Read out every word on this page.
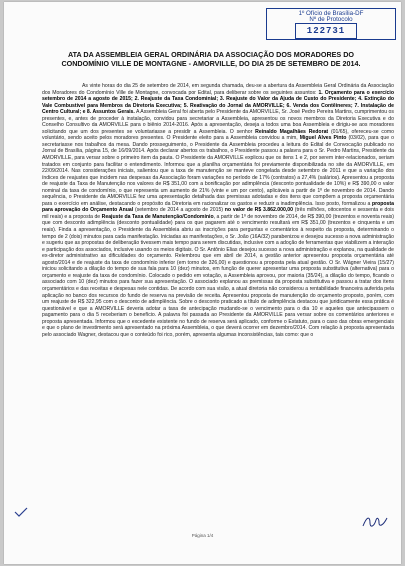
1º Ofício de Brasília-DF
Nº de Protocolo
122731
ATA DA ASSEMBLEIA GERAL ORDINÁRIA DA ASSOCIAÇÃO DOS MORADORES DO CONDOMÍNIO VILLE DE MONTAGNE - AMORVILLE, DO DIA 25 DE SETEMBRO DE 2014.

As vinte horas do dia 25 de setembro de 2014, em segunda chamada, deu-se a abertura da Assembleia Geral Ordinária da Associação dos Moradores do Condomínio Ville de Montagne, convocada por Edital, para deliberar sobre os seguintes assuntos: 1. Orçamento para o exercício setembro de 2014 a agosto de 2015; 2. Reajuste da Taxa Condominial; 3. Reajuste do Valor da Ajuda de Custo do Presidente; 4. Extinção do Vale Combustível para Membros da Diretoria Executiva; 5. Reativação do Jornal da AMORVILLE; 6. Venda dos Contêineres; 7. Instalação de Centro Cultural; e 8. Assuntos Gerais. A Assembleia Geral foi aberta pelo Presidente da AMORVILLE, Sr. José Pedro Pereira Martins, cumprimentou os presentes, e, antes de proceder à instalação, convidou para secretariar a Assembleia, apresentou os novos membros da Diretoria Executiva e do Conselho Consultivo da AMORVILLE para o biênio 2014-2016. Após a apresentação, deseja a todos uma boa Assembleia e dirigiu-se aos moradores solicitando que um dos presentes se voluntariasse a presidir a Assembleia. O senhor Reinaldo Magalhães Redorat (01/65), ofereceu-se como voluntário, sendo aceito pelos moradores presentes. O Presidente eleito para a Assembleia convidou a mim, Miguel Alves Pinto (03/02), para que o secretariasse nos trabalhos da mesa. Dando prosseguimento, o Presidente da Assembleia procedeu a leitura do Edital de Convocação publicado no Jornal de Brasília, página 15, de 16/09/2014. Após declarar abertos os trabalhos, o Presidente passou a palavra para o Sr. Pedro Martins, Presidente da AMORVILLE, para versar sobre o primeiro item da pauta. O Presidente da AMORVILLE explicou que os itens 1 e 2, por serem inter-relacionados, seriam tratados em conjunto para facilitar o entendimento. Informou que a planilha orçamentária foi previamente disponibilizada no site da AMORVILLE, em 22/09/2014. Nas considerações iniciais, salientou que a taxa de manutenção se manteve congelada desde setembro de 2011 e que a variação dos índices de reajustes que incidem nas despesas da Associação foram variações no período de 17% (contratos) a 27,4% (salários). Apresentou a proposta de reajuste da Taxa de Manutenção nos valores de R$ 351,00 com a bonificação por adimplência (desconto pontualidade de 10%) e R$ 390,00 o valor nominal da taxa de condomínio, o que representa um aumento de 21% (vinte e um por cento), aplicáveis a partir de 1º de novembro de 2014. Dando sequência, o Presidente da AMORVILLE fez uma apresentação detalhada das premissas adotadas e dos itens que compõem a proposta orçamentária para o exercício em análise, destacando o propósito da Diretoria em racionalizar os gastos e reduzir a inadimplência. Isso posto, formalizou a proposta para aprovação do Orçamento Anual (setembro de 2014 a agosto de 2015) no valor de R$ 3.862.000,00 (três milhões, oitocentos e sessenta e dois mil reais) e a proposta de Reajuste da Taxa de Manutenção/Condomínio, a partir de 1º de novembro de 2014, de R$ 390,00 (trezentos e noventa reais) que com desconto adimplência (desconto pontualidade) para os que pagarem até o vencimento resultará em R$ 351,00 (trezentos e cinquenta e um reais). Finda a apresentação, o Presidente da Assembleia abriu as inscrições para perguntas e comentários à respeito da proposta, determinando o tempo de 2 (dois) minutos para cada manifestação. Iniciadas as manifestações, o Sr. João (16A/32) parabenizou e desejou sucesso a nova administração e sugeriu que as propostas de deliberação tivessem mais tempo para serem discutidas, inclusive com a adoção de ferramentas que viabilizem a interação e participação dos associados, inclusive usando os meios digitais. O Sr. Antônio Elias desejou sucesso a nova administração e explanou, na qualidade de ex-diretor administrativo as dificuldades do orçamento. Relembrou que em abril de 2014, a gestão anterior apresentou proposta orçamentária até agosto/2014 e de reajuste da taxa de condomínio inferior (em torno de 326,00) e questionou a proposta pela atual gestão. O Sr. Wágner Vieira (15/27) iniciou solicitando a dilação do tempo de sua fala para 10 (dez) minutos, em função de querer apresentar uma proposta substitutiva (alternativa) para o orçamento e reajuste da taxa de condomínio. Colocado o pedido em votação, a Assembleia aprovou, por maioria (35/24), a dilação do tempo, ficando o associado com 10 (dez) minutos para fazer sua apresentação. O associado explanou as premissas da proposta substitutiva e passou a tratar dos itens orçamentários e das receitas e despesas nele contidas. De acordo com sua visão, a atual diretoria não considerou a rentabilidade financeira auferida pela aplicação no banco dos recursos do fundo de reserva na previsão de receita. Apresentou proposta de manutenção do orçamento proposto, porém, com um reajuste de R$ 322,95 com o desconto de adimplência. Sobre o desconto praticado a título de adimplência destacou que juridicamente essa prática é questionável e que a AMORVILLE deveria adotar a taxa de antecipação mudando-se o vencimento para o dia 10 e aqueles que antecipassem o pagamento para o dia 5 receberiam o benefício. A palavra foi passada ao Presidente da AMORVILLE para versar sobre os comentários anteriores e proposta apresentada. Informou que o excedente existente no fundo de reserva será aplicado, conforme o Estatuto, para o caso das obras emergenciais e que o plano de investimento será apresentado na próxima Assembleia, o que deverá ocorrer em dezembro/2014. Com relação à proposta apresentada pelo associado Wagner, destacou que o conteúdo foi rico, porém, apresenta algumas inconsistências, tais como: que o

Página 1/4
